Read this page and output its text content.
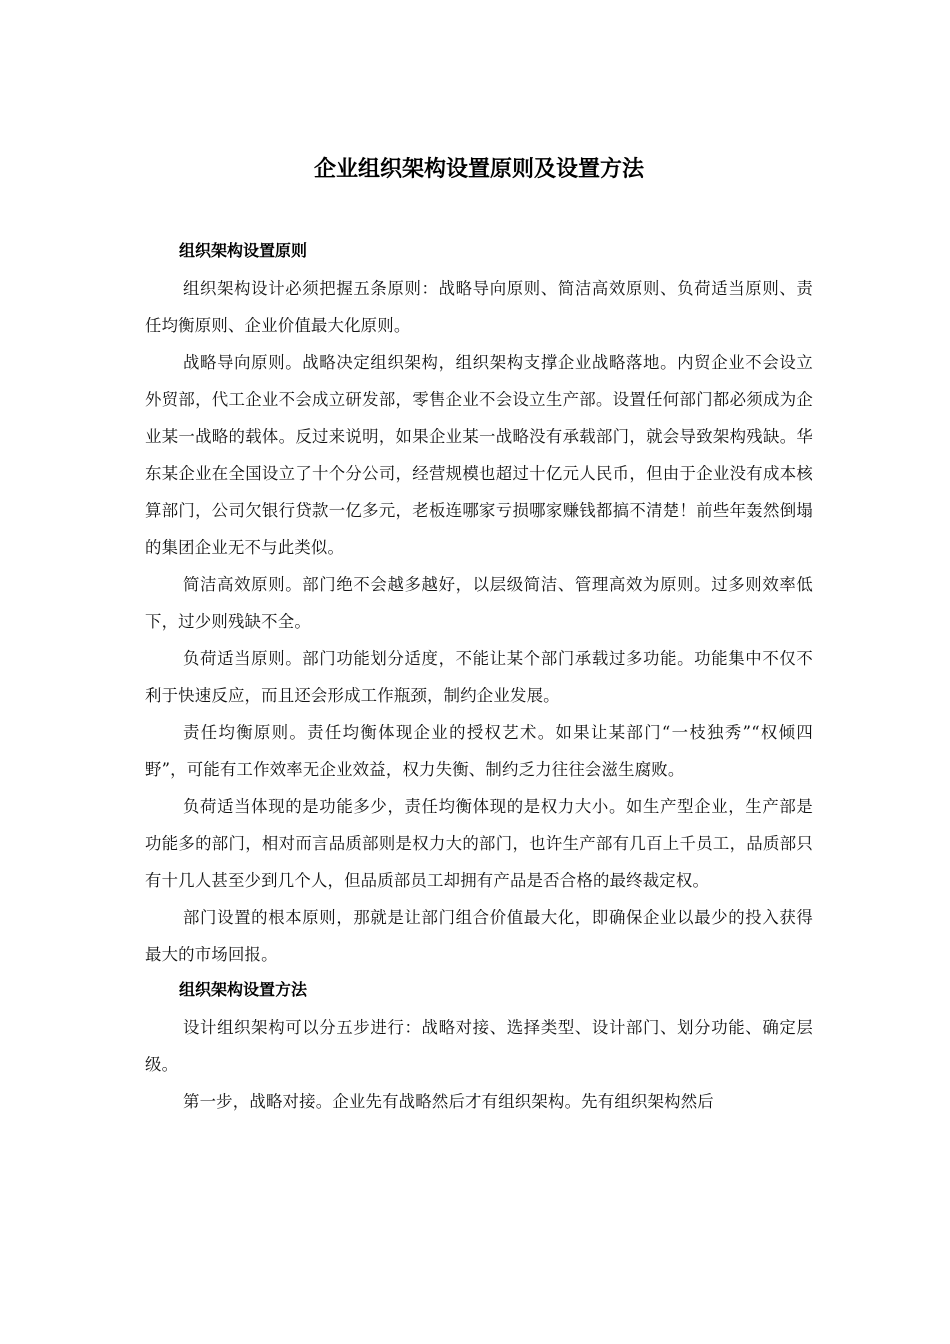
企业组织架构设置原则及设置方法
组织架构设置原则

组织架构设计必须把握五条原则：战略导向原则、简洁高效原则、负荷适当原则、责任均衡原则、企业价值最大化原则。

战略导向原则。战略决定组织架构，组织架构支撑企业战略落地。内贸企业不会设立外贸部，代工企业不会成立研发部，零售企业不会设立生产部。设置任何部门都必须成为企业某一战略的载体。反过来说明，如果企业某一战略没有承载部门，就会导致架构残缺。华东某企业在全国设立了十个分公司，经营规模也超过十亿元人民币，但由于企业没有成本核算部门，公司欠银行贷款一亿多元，老板连哪家亏损哪家赚钱都搞不清楚！前些年轰然倒塌的集团企业无不与此类似。

简洁高效原则。部门绝不会越多越好，以层级简洁、管理高效为原则。过多则效率低下，过少则残缺不全。

负荷适当原则。部门功能划分适度，不能让某个部门承载过多功能。功能集中不仅不利于快速反应，而且还会形成工作瓶颈，制约企业发展。

责任均衡原则。责任均衡体现企业的授权艺术。如果让某部门“一枝独秀”“权倾四野”，可能有工作效率无企业效益，权力失衡、制约乏力往往会滋生腐败。

负荷适当体现的是功能多少，责任均衡体现的是权力大小。如生产型企业，生产部是功能多的部门，相对而言品质部则是权力大的部门，也许生产部有几百上千员工，品质部只有十几人甚至少到几个人，但品质部员工却拥有产品是否合格的最终裁定权。

部门设置的根本原则，那就是让部门组合价值最大化，即确保企业以最少的投入获得最大的市场回报。

组织架构设置方法

设计组织架构可以分五步进行：战略对接、选择类型、设计部门、划分功能、确定层级。

第一步，战略对接。企业先有战略然后才有组织架构。先有组织架构然后
